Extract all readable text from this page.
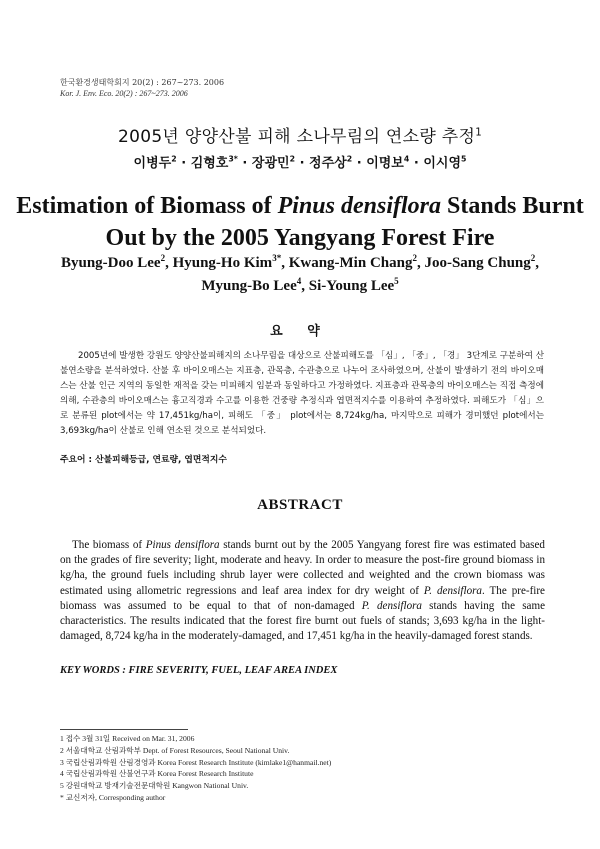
한국환경생태학회지 20(2) : 267~273. 2006
Kor. J. Env. Eco. 20(2) : 267~273. 2006
2005년 양양산불 피해 소나무림의 연소량 추정$^1$
이병두$^2$ · 김형호$^{3*}$ · 장광민$^2$ · 정주상$^2$ · 이명보$^4$ · 이시영$^5$
Estimation of Biomass of Pinus densiflora Stands Burnt
Out by the 2005 Yangyang Forest Fire
Byung-Doo Lee$^2$, Hyung-Ho Kim$^{3*}$, Kwang-Min Chang$^2$, Joo-Sang Chung$^2$,
Myung-Bo Lee$^4$, Si-Young Lee$^5$
요 약
2005년에 발생한 강원도 양양산불피해지의 소나무림을 대상으로 산불피해도를 「심」, 「중」, 「경」 3단계로 구분하여 산불연소량을 분석하였다. 산불 후 바이오매스는 지표층, 관목층, 수관층으로 나누어 조사하였으며, 산불이 발생하기 전의 바이오매스는 산불 인근 지역의 동일한 재적을 갖는 미피해지 임분과 동일하다고 가정하였다. 지표층과 관목층의 바이오매스는 직접 측정에 의해, 수관층의 바이오매스는 흉고직경과 수고를 이용한 건중량 추정식과 엽면적지수를 이용하여 추정하였다. 피해도가 「심」으로 분류된 plot에서는 약 17,451kg/ha이, 피해도 「중」 plot에서는 8,724kg/ha, 마지막으로 피해가 경미했던 plot에서는 3,693kg/ha이 산불로 인해 연소된 것으로 분석되었다.
주요어 : 산불피해등급, 연료량, 엽면적지수
ABSTRACT
The biomass of Pinus densiflora stands burnt out by the 2005 Yangyang forest fire was estimated based on the grades of fire severity; light, moderate and heavy. In order to measure the post-fire ground biomass in kg/ha, the ground fuels including shrub layer were collected and weighted and the crown biomass was estimated using allometric regressions and leaf area index for dry weight of P. densiflora. The pre-fire biomass was assumed to be equal to that of non-damaged P. densiflora stands having the same characteristics. The results indicated that the forest fire burnt out fuels of stands; 3,693 kg/ha in the light-damaged, 8,724 kg/ha in the moderately-damaged, and 17,451 kg/ha in the heavily-damaged forest stands.
KEY WORDS : FIRE SEVERITY, FUEL, LEAF AREA INDEX
1 접수 3월 31일 Received on Mar. 31, 2006
2 서울대학교 산림과학부 Dept. of Forest Resources, Seoul National Univ.
3 국립산림과학원 산림경영과 Korea Forest Research Institute (kimlake1@hanmail.net)
4 국립산림과학원 산불연구과 Korea Forest Research Institute
5 강원대학교 방재기술전문대학원 Kangwon National Univ.
* 교신저자, Corresponding author
